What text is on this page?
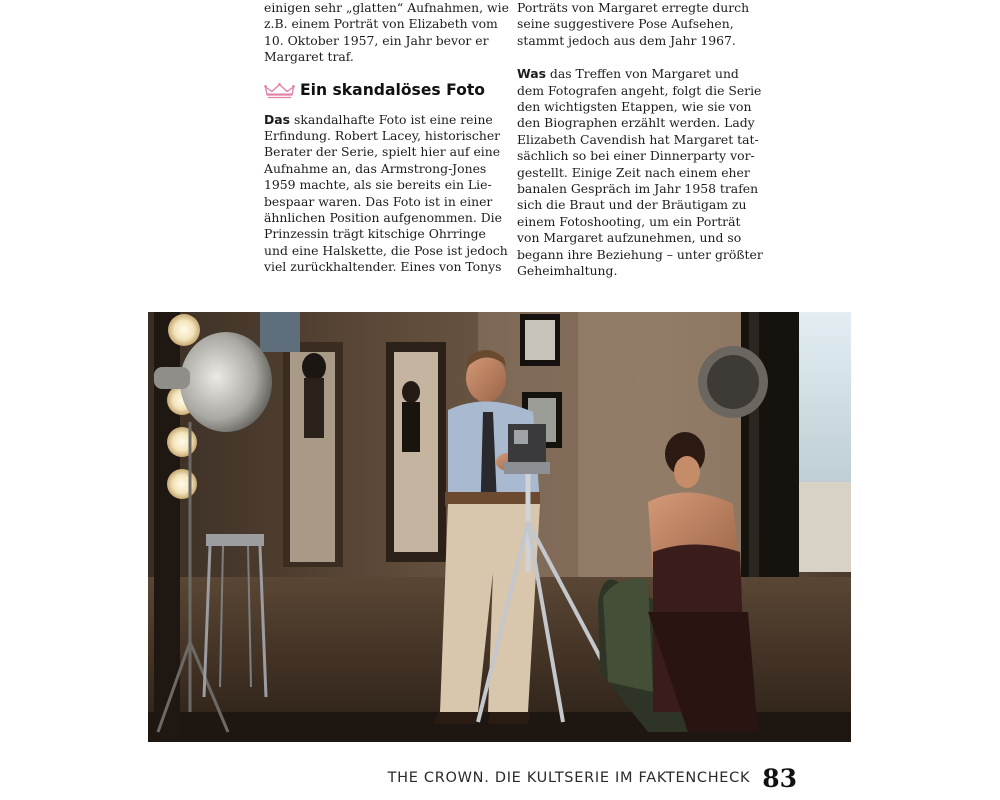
einigen sehr „glatten“ Aufnahmen, wie

z.B. einem Porträt von Elizabeth vom

10. Oktober 1957, ein Jahr bevor er

Margaret traf.

Ein skandalöses Foto

Das skandalhafte Foto ist eine reine

Erfindung. Robert Lacey, historischer

Berater der Serie, spielt hier auf eine

Aufnahme an, das Armstrong-Jones

1959 machte, als sie bereits ein Lie-

bespaar waren. Das Foto ist in einer

ähnlichen Position aufgenommen. Die

Prinzessin trägt kitschige Ohrringe

und eine Halskette, die Pose ist jedoch

viel zurückhaltender. Eines von Tonys

Porträts von Margaret erregte durch

seine suggestivere Pose Aufsehen,

stammt jedoch aus dem Jahr 1967.

Was das Treffen von Margaret und

dem Fotografen angeht, folgt die Serie

den wichtigsten Etappen, wie sie von

den Biographen erzählt werden. Lady

Elizabeth Cavendish hat Margaret tat-

sächlich so bei einer Dinnerparty vor-

gestellt. Einige Zeit nach einem eher

banalen Gespräch im Jahr 1958 trafen

sich die Braut und der Bräutigam zu

einem Fotoshooting, um ein Porträt

von Margaret aufzunehmen, und so

begann ihre Beziehung – unter größter

Geheimhaltung.

THE CROWN. DIE KULTSERIE IM FAKTENCHECK 83
